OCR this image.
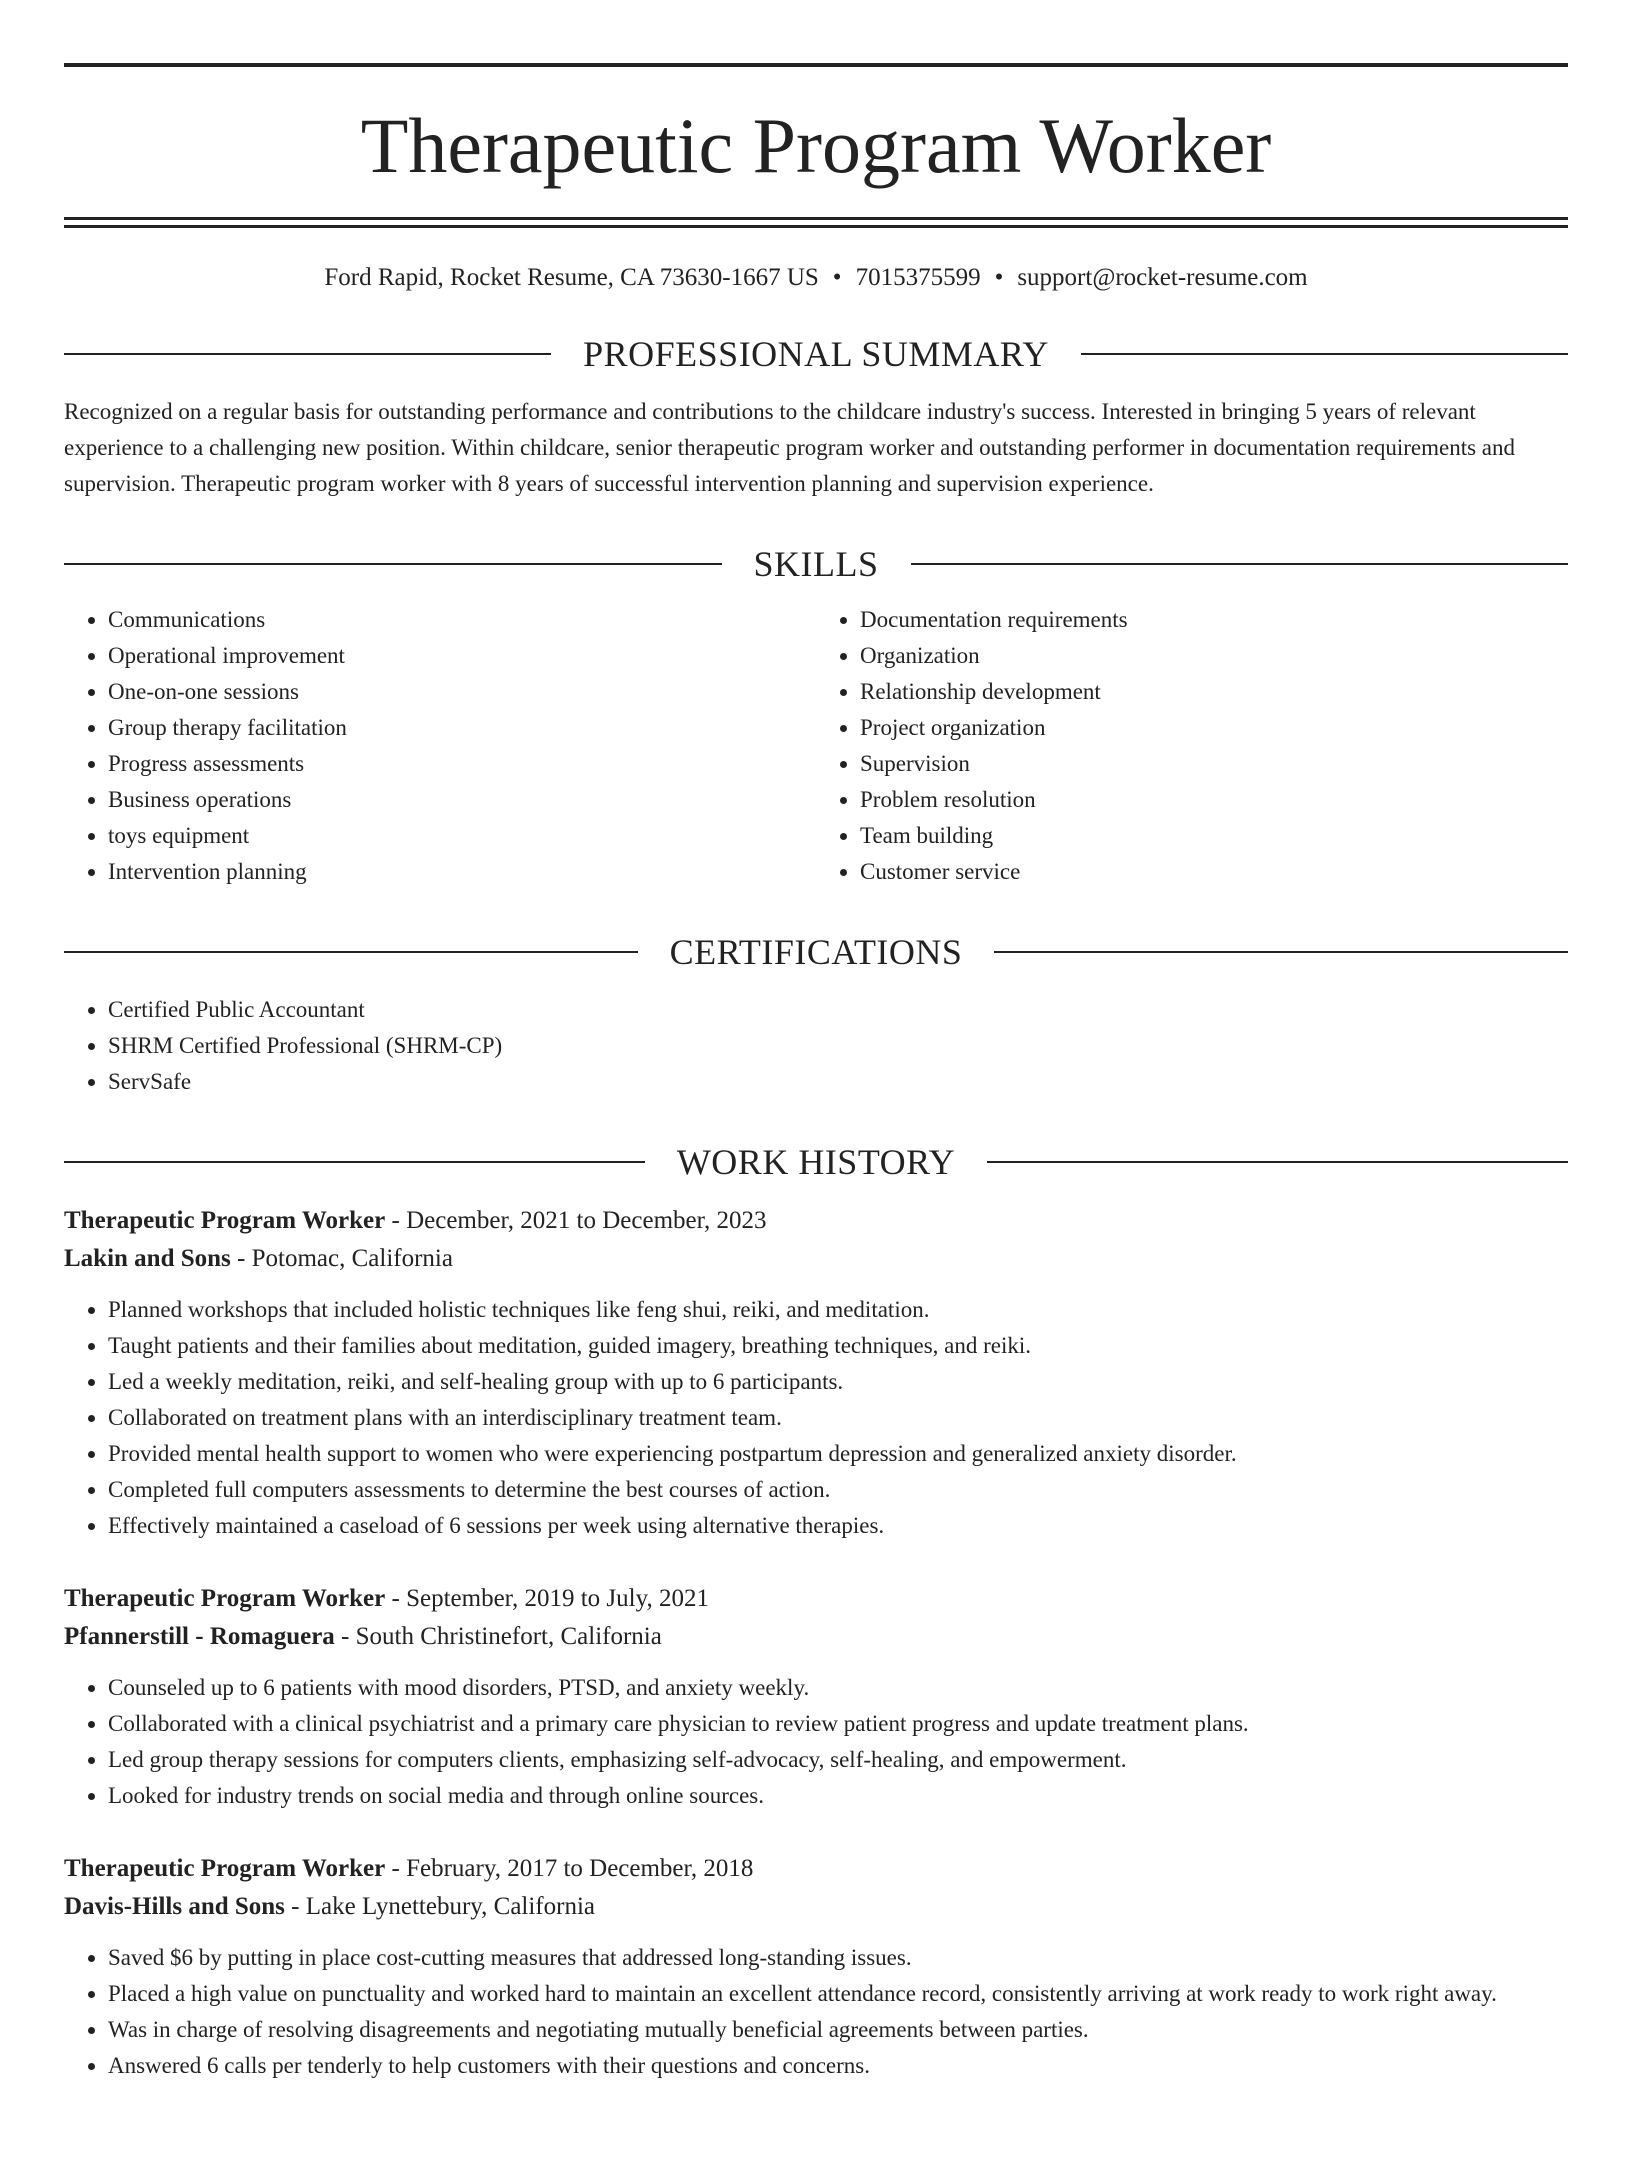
Therapeutic Program Worker
Ford Rapid, Rocket Resume, CA 73630-1667 US • 7015375599 • support@rocket-resume.com
PROFESSIONAL SUMMARY
Recognized on a regular basis for outstanding performance and contributions to the childcare industry's success. Interested in bringing 5 years of relevant experience to a challenging new position. Within childcare, senior therapeutic program worker and outstanding performer in documentation requirements and supervision. Therapeutic program worker with 8 years of successful intervention planning and supervision experience.
SKILLS
• Communications
• Operational improvement
• One-on-one sessions
• Group therapy facilitation
• Progress assessments
• Business operations
• toys equipment
• Intervention planning
• Documentation requirements
• Organization
• Relationship development
• Project organization
• Supervision
• Problem resolution
• Team building
• Customer service
CERTIFICATIONS
• Certified Public Accountant
• SHRM Certified Professional (SHRM-CP)
• ServSafe
WORK HISTORY
Therapeutic Program Worker - December, 2021 to December, 2023
Lakin and Sons - Potomac, California
• Planned workshops that included holistic techniques like feng shui, reiki, and meditation.
• Taught patients and their families about meditation, guided imagery, breathing techniques, and reiki.
• Led a weekly meditation, reiki, and self-healing group with up to 6 participants.
• Collaborated on treatment plans with an interdisciplinary treatment team.
• Provided mental health support to women who were experiencing postpartum depression and generalized anxiety disorder.
• Completed full computers assessments to determine the best courses of action.
• Effectively maintained a caseload of 6 sessions per week using alternative therapies.
Therapeutic Program Worker - September, 2019 to July, 2021
Pfannerstill - Romaguera - South Christinefort, California
• Counseled up to 6 patients with mood disorders, PTSD, and anxiety weekly.
• Collaborated with a clinical psychiatrist and a primary care physician to review patient progress and update treatment plans.
• Led group therapy sessions for computers clients, emphasizing self-advocacy, self-healing, and empowerment.
• Looked for industry trends on social media and through online sources.
Therapeutic Program Worker - February, 2017 to December, 2018
Davis-Hills and Sons - Lake Lynettebury, California
• Saved $6 by putting in place cost-cutting measures that addressed long-standing issues.
• Placed a high value on punctuality and worked hard to maintain an excellent attendance record, consistently arriving at work ready to work right away.
• Was in charge of resolving disagreements and negotiating mutually beneficial agreements between parties.
• Answered 6 calls per tenderly to help customers with their questions and concerns.
